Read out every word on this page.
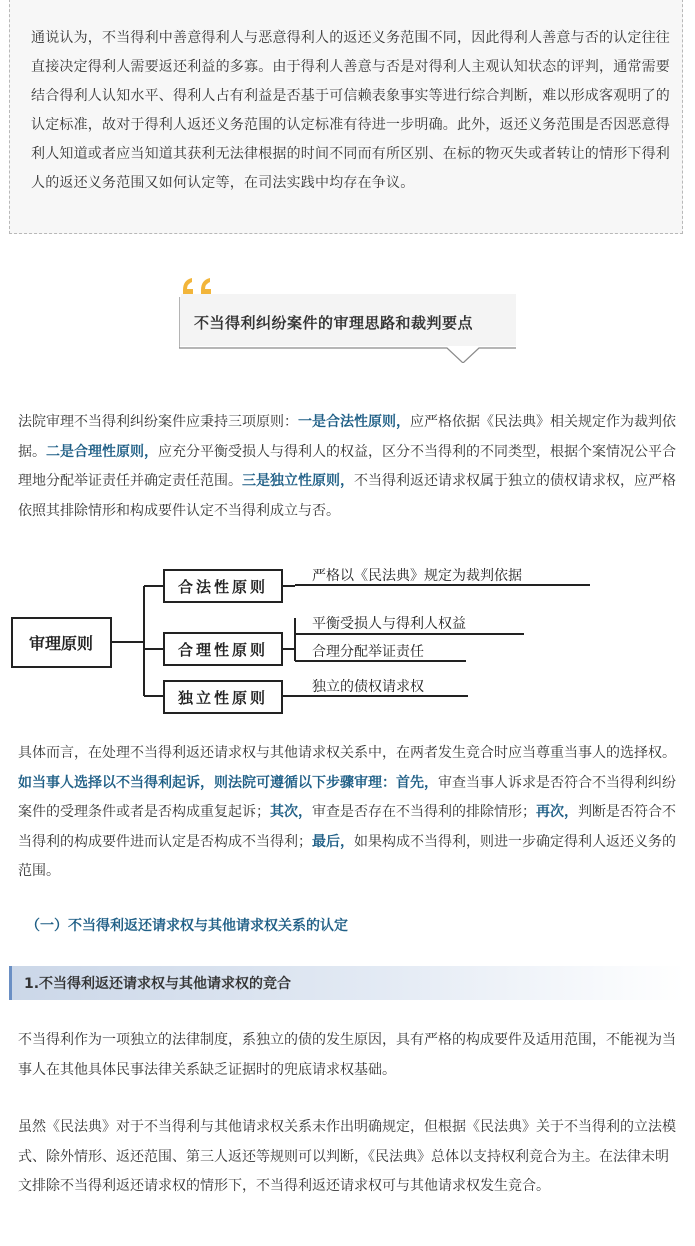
通说认为，不当得利中善意得利人与恶意得利人的返还义务范围不同，因此得利人善意与否的认定往往直接决定得利人需要返还利益的多寡。由于得利人善意与否是对得利人主观认知状态的评判，通常需要结合得利人认知水平、得利人占有利益是否基于可信赖表象事实等进行综合判断，难以形成客观明了的认定标准，故对于得利人返还义务范围的认定标准有待进一步明确。此外，返还义务范围是否因恶意得利人知道或者应当知道其获利无法律根据的时间不同而有所区别、在标的物灭失或者转让的情形下得利人的返还义务范围又如何认定等，在司法实践中均存在争议。

不当得利纠纷案件的审理思路和裁判要点

法院审理不当得利纠纷案件应秉持三项原则：一是合法性原则，应严格依据《民法典》相关规定作为裁判依据。二是合理性原则，应充分平衡受损人与得利人的权益，区分不当得利的不同类型，根据个案情况公平合理地分配举证责任并确定责任范围。三是独立性原则，不当得利返还请求权属于独立的债权请求权，应严格依照其排除情形和构成要件认定不当得利成立与否。

审理原则
合法性原则
合理性原则
独立性原则
严格以《民法典》规定为裁判依据
平衡受损人与得利人权益
合理分配举证责任
独立的债权请求权

具体而言，在处理不当得利返还请求权与其他请求权关系中，在两者发生竞合时应当尊重当事人的选择权。如当事人选择以不当得利起诉，则法院可遵循以下步骤审理：首先，审查当事人诉求是否符合不当得利纠纷案件的受理条件或者是否构成重复起诉；其次，审查是否存在不当得利的排除情形；再次，判断是否符合不当得利的构成要件进而认定是否构成不当得利；最后，如果构成不当得利，则进一步确定得利人返还义务的范围。

（一）不当得利返还请求权与其他请求权关系的认定

1.不当得利返还请求权与其他请求权的竞合

不当得利作为一项独立的法律制度，系独立的债的发生原因，具有严格的构成要件及适用范围，不能视为当事人在其他具体民事法律关系缺乏证据时的兜底请求权基础。

虽然《民法典》对于不当得利与其他请求权关系未作出明确规定，但根据《民法典》关于不当得利的立法模式、除外情形、返还范围、第三人返还等规则可以判断，《民法典》总体以支持权利竞合为主。在法律未明文排除不当得利返还请求权的情形下，不当得利返还请求权可与其他请求权发生竞合。
